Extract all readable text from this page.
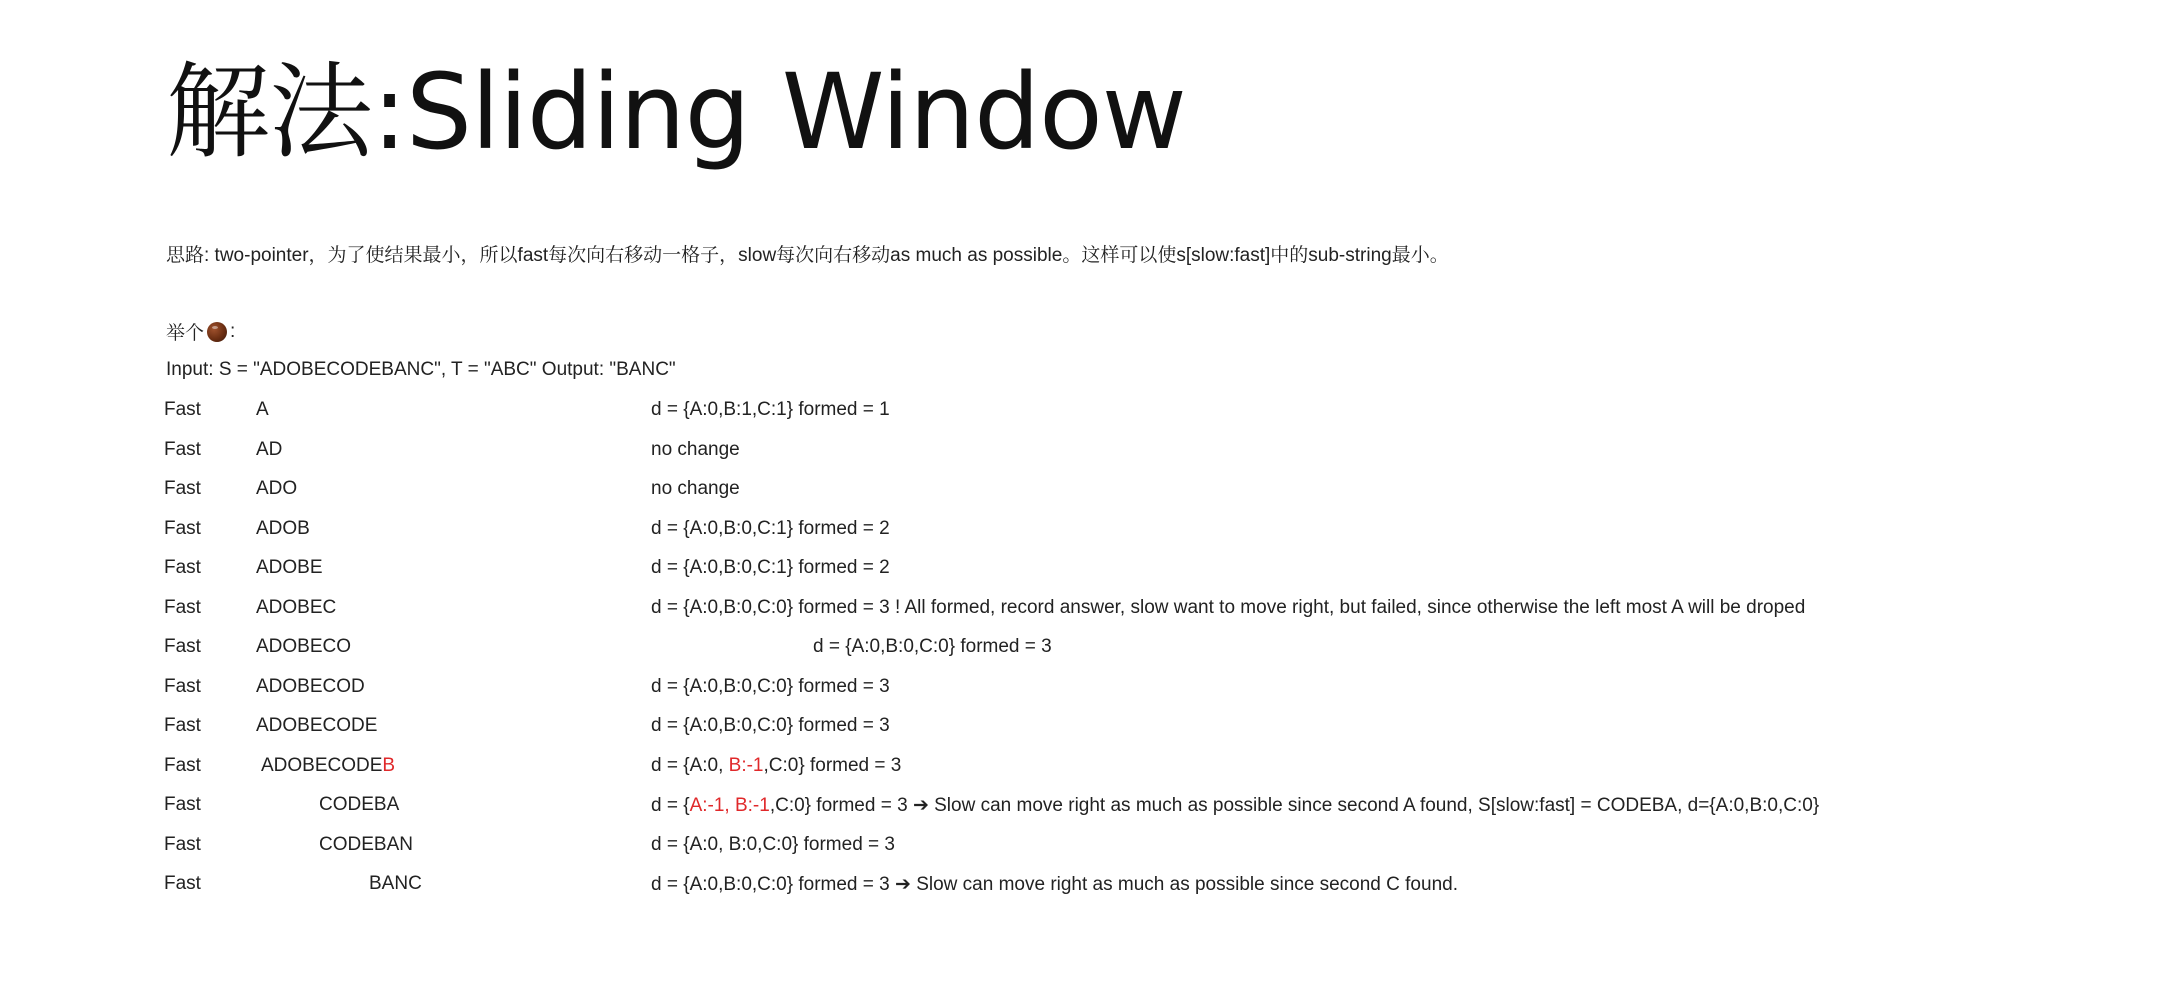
解法:Sliding Window
思路: two-pointer，为了使结果最小，所以fast每次向右移动一格子，slow每次向右移动as much as possible。这样可以使s[slow:fast]中的sub-string最小。
举个 :
Input: S = "ADOBECODEBANC", T = "ABC" Output: "BANC"
Fast	A	d = {A:0,B:1,C:1} formed = 1
Fast	AD	no change
Fast	ADO	no change
Fast	ADOB	d = {A:0,B:0,C:1} formed = 2
Fast	ADOBE	d = {A:0,B:0,C:1} formed = 2
Fast	ADOBEC	d = {A:0,B:0,C:0} formed = 3 ! All formed, record answer, slow want to move right, but failed, since otherwise the left most A will be droped
Fast	ADOBECO	d = {A:0,B:0,C:0} formed = 3
Fast	ADOBECOD	d = {A:0,B:0,C:0} formed = 3
Fast	ADOBECODE	d = {A:0,B:0,C:0} formed = 3
Fast	ADOBECODEB	d = {A:0, B:-1,C:0} formed = 3
Fast	CODEBA	d = {A:-1, B:-1,C:0} formed = 3 ➔ Slow can move right as much as possible since second A found, S[slow:fast] = CODEBA, d={A:0,B:0,C:0}
Fast	CODEBAN	d = {A:0, B:0,C:0} formed = 3
Fast	BANC	d = {A:0,B:0,C:0} formed = 3 ➔ Slow can move right as much as possible since second C found.
